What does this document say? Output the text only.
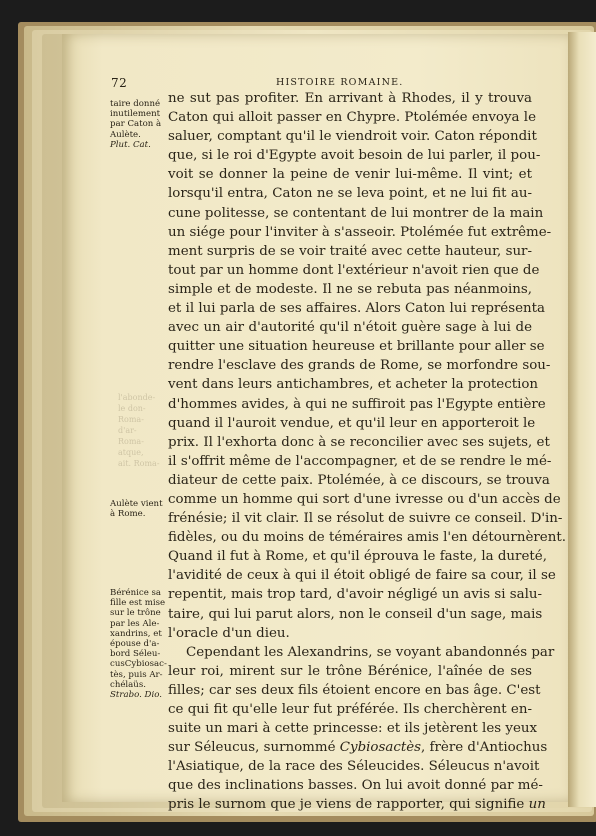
72	HISTOIRE ROMAINE.
l'abonde-
le don-
Roma-
d'ar-
Roma-
atque,
ait. Roma-
taire donné
inutilement
par Caton à
Aulète.
Plut. Cat.
Aulète vient
à Rome.
Bérénice sa
fille est mise
sur le trône
par les Ale-
xandrins, et
épouse d'a-
bord Séleu-
cusCybiosac-
tès, puis Ar-
chélaüs.
Strabo. Dio.
ne sut pas profiter. En arrivant à Rhodes, il y trouva
Caton qui alloit passer en Chypre. Ptolémée envoya le
saluer, comptant qu'il le viendroit voir. Caton répondit
que, si le roi d'Egypte avoit besoin de lui parler, il pou-
voit se donner la peine de venir lui-même. Il vint; et
lorsqu'il entra, Caton ne se leva point, et ne lui fit au-
cune politesse, se contentant de lui montrer de la main
un siége pour l'inviter à s'asseoir. Ptolémée fut extrême-
ment surpris de se voir traité avec cette hauteur, sur-
tout par un homme dont l'extérieur n'avoit rien que de
simple et de modeste. Il ne se rebuta pas néanmoins,
et il lui parla de ses affaires. Alors Caton lui représenta
avec un air d'autorité qu'il n'étoit guère sage à lui de
quitter une situation heureuse et brillante pour aller se
rendre l'esclave des grands de Rome, se morfondre sou-
vent dans leurs antichambres, et acheter la protection
d'hommes avides, à qui ne suffiroit pas l'Egypte entière
quand il l'auroit vendue, et qu'il leur en apporteroit le
prix. Il l'exhorta donc à se reconcilier avec ses sujets, et
il s'offrit même de l'accompagner, et de se rendre le mé-
diateur de cette paix. Ptolémée, à ce discours, se trouva
comme un homme qui sort d'une ivresse ou d'un accès de
frénésie; il vit clair. Il se résolut de suivre ce conseil. D'in-
fidèles, ou du moins de téméraires amis l'en détournèrent.
Quand il fut à Rome, et qu'il éprouva le faste, la dureté,
l'avidité de ceux à qui il étoit obligé de faire sa cour, il se
repentit, mais trop tard, d'avoir négligé un avis si salu-
taire, qui lui parut alors, non le conseil d'un sage, mais
l'oracle d'un dieu.
Cependant les Alexandrins, se voyant abandonnés par
leur roi, mirent sur le trône Bérénice, l'aînée de ses
filles; car ses deux fils étoient encore en bas âge. C'est
ce qui fit qu'elle leur fut préférée. Ils cherchèrent en-
suite un mari à cette princesse: et ils jetèrent les yeux
sur Séleucus, surnommé Cybiosactès, frère d'Antiochus
l'Asiatique, de la race des Séleucides. Séleucus n'avoit
que des inclinations basses. On lui avoit donné par mé-
pris le surnom que je viens de rapporter, qui signifie un
